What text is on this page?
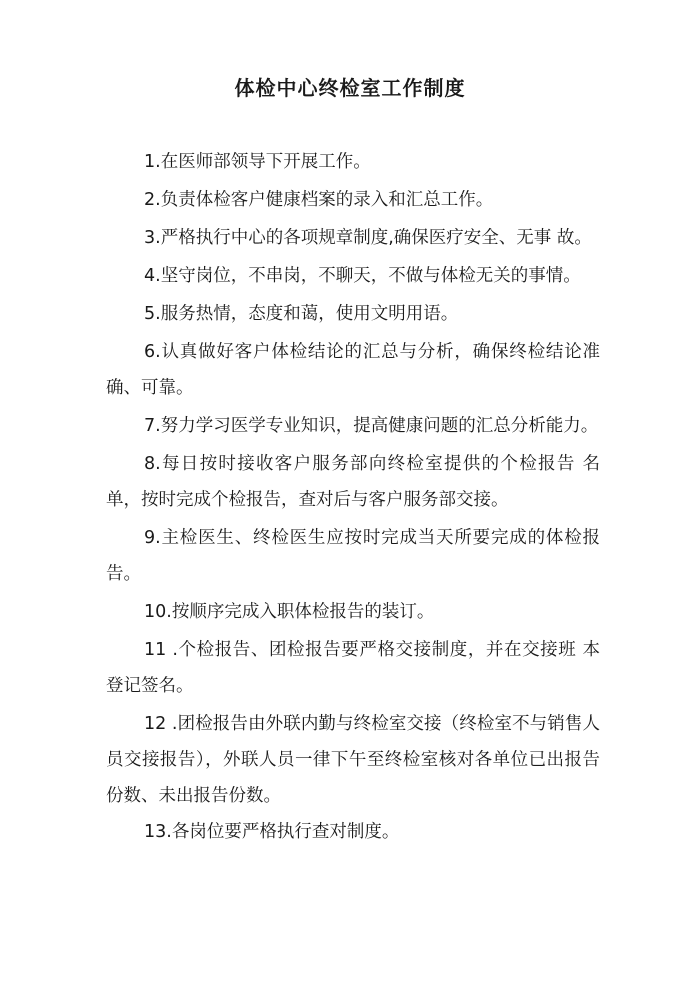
体检中心终检室工作制度

1.在医师部领导下开展工作。

2.负责体检客户健康档案的录入和汇总工作。

3.严格执行中心的各项规章制度,确保医疗安全、无事 故。

4.坚守岗位，不串岗，不聊天，不做与体检无关的事情。

5.服务热情，态度和蔼，使用文明用语。

6.认真做好客户体检结论的汇总与分析，确保终检结论准确、可靠。

7.努力学习医学专业知识，提高健康问题的汇总分析能力。

8.每日按时接收客户服务部向终检室提供的个检报告 名单，按时完成个检报告，查对后与客户服务部交接。

9.主检医生、终检医生应按时完成当天所要完成的体检报告。

10.按顺序完成入职体检报告的装订。

11 .个检报告、团检报告要严格交接制度，并在交接班 本登记签名。

12 .团检报告由外联内勤与终检室交接（终检室不与销售人员交接报告），外联人员一律下午至终检室核对各单位已出报告份数、未出报告份数。

13.各岗位要严格执行查对制度。
